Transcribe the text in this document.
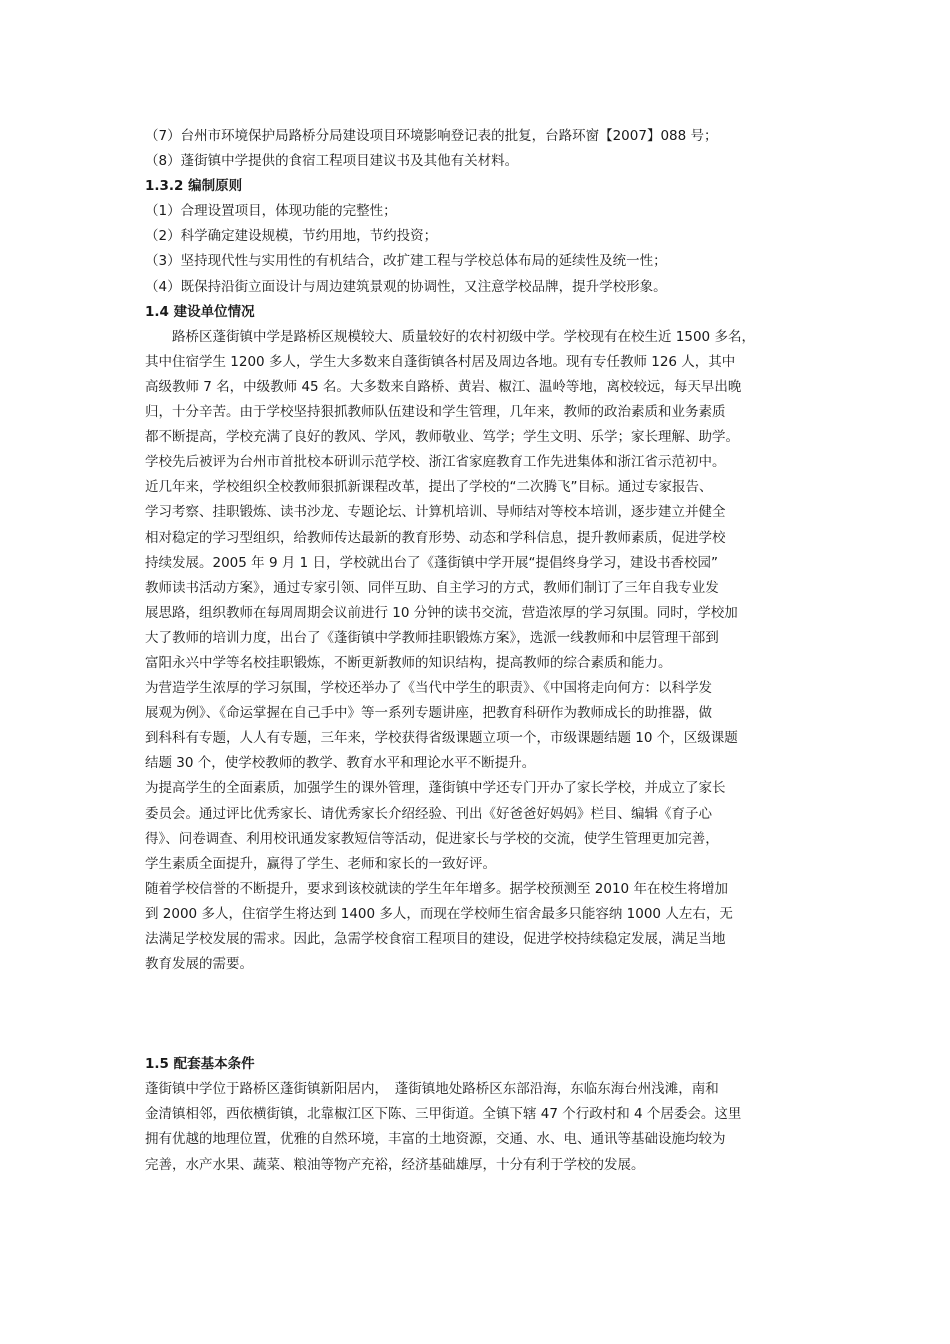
（7）台州市环境保护局路桥分局建设项目环境影响登记表的批复，台路环窗【2007】088 号；
（8）蓬街镇中学提供的食宿工程项目建议书及其他有关材料。
1.3.2 编制原则
（1）合理设置项目，体现功能的完整性；
（2）科学确定建设规模，节约用地，节约投资；
（3）坚持现代性与实用性的有机结合，改扩建工程与学校总体布局的延续性及统一性；
（4）既保持沿街立面设计与周边建筑景观的协调性，又注意学校品牌，提升学校形象。
1.4 建设单位情况
　　路桥区蓬街镇中学是路桥区规模较大、质量较好的农村初级中学。学校现有在校生近 1500 多名，
其中住宿学生 1200 多人，学生大多数来自蓬街镇各村居及周边各地。现有专任教师 126 人，其中
高级教师 7 名，中级教师 45 名。大多数来自路桥、黄岩、椒江、温岭等地，离校较远，每天早出晚
归，十分辛苦。由于学校坚持狠抓教师队伍建设和学生管理，几年来，教师的政治素质和业务素质
都不断提高，学校充满了良好的教风、学风，教师敬业、笃学；学生文明、乐学；家长理解、助学。
学校先后被评为台州市首批校本研训示范学校、浙江省家庭教育工作先进集体和浙江省示范初中。
近几年来，学校组织全校教师狠抓新课程改革，提出了学校的“二次腾飞”目标。通过专家报告、
学习考察、挂职锻炼、读书沙龙、专题论坛、计算机培训、导师结对等校本培训，逐步建立并健全
相对稳定的学习型组织，给教师传达最新的教育形势、动态和学科信息，提升教师素质，促进学校
持续发展。2005 年 9 月 1 日，学校就出台了《蓬街镇中学开展“提倡终身学习，建设书香校园”
教师读书活动方案》，通过专家引领、同伴互助、自主学习的方式，教师们制订了三年自我专业发
展思路，组织教师在每周周期会议前进行 10 分钟的读书交流，营造浓厚的学习氛围。同时，学校加
大了教师的培训力度，出台了《蓬街镇中学教师挂职锻炼方案》，选派一线教师和中层管理干部到
富阳永兴中学等名校挂职锻炼，不断更新教师的知识结构，提高教师的综合素质和能力。
为营造学生浓厚的学习氛围，学校还举办了《当代中学生的职责》、《中国将走向何方：以科学发
展观为例》、《命运掌握在自己手中》等一系列专题讲座，把教育科研作为教师成长的助推器，做
到科科有专题，人人有专题，三年来，学校获得省级课题立项一个，市级课题结题 10 个，区级课题
结题 30 个，使学校教师的教学、教育水平和理论水平不断提升。
为提高学生的全面素质，加强学生的课外管理，蓬街镇中学还专门开办了家长学校，并成立了家长
委员会。通过评比优秀家长、请优秀家长介绍经验、刊出《好爸爸好妈妈》栏目、编辑《育子心
得》、问卷调查、利用校讯通发家教短信等活动，促进家长与学校的交流，使学生管理更加完善，
学生素质全面提升，赢得了学生、老师和家长的一致好评。
随着学校信誉的不断提升，要求到该校就读的学生年年增多。据学校预测至 2010 年在校生将增加
到 2000 多人，住宿学生将达到 1400 多人，而现在学校师生宿舍最多只能容纳 1000 人左右，无
法满足学校发展的需求。因此，急需学校食宿工程项目的建设，促进学校持续稳定发展，满足当地
教育发展的需要。
1.5 配套基本条件
蓬街镇中学位于路桥区蓬街镇新阳居内，　蓬街镇地处路桥区东部沿海，东临东海台州浅滩，南和
金清镇相邻，西依横街镇，北靠椒江区下陈、三甲街道。全镇下辖 47 个行政村和 4 个居委会。这里
拥有优越的地理位置，优雅的自然环境，丰富的土地资源，交通、水、电、通讯等基础设施均较为
完善，水产水果、蔬菜、粮油等物产充裕，经济基础雄厚，十分有利于学校的发展。
